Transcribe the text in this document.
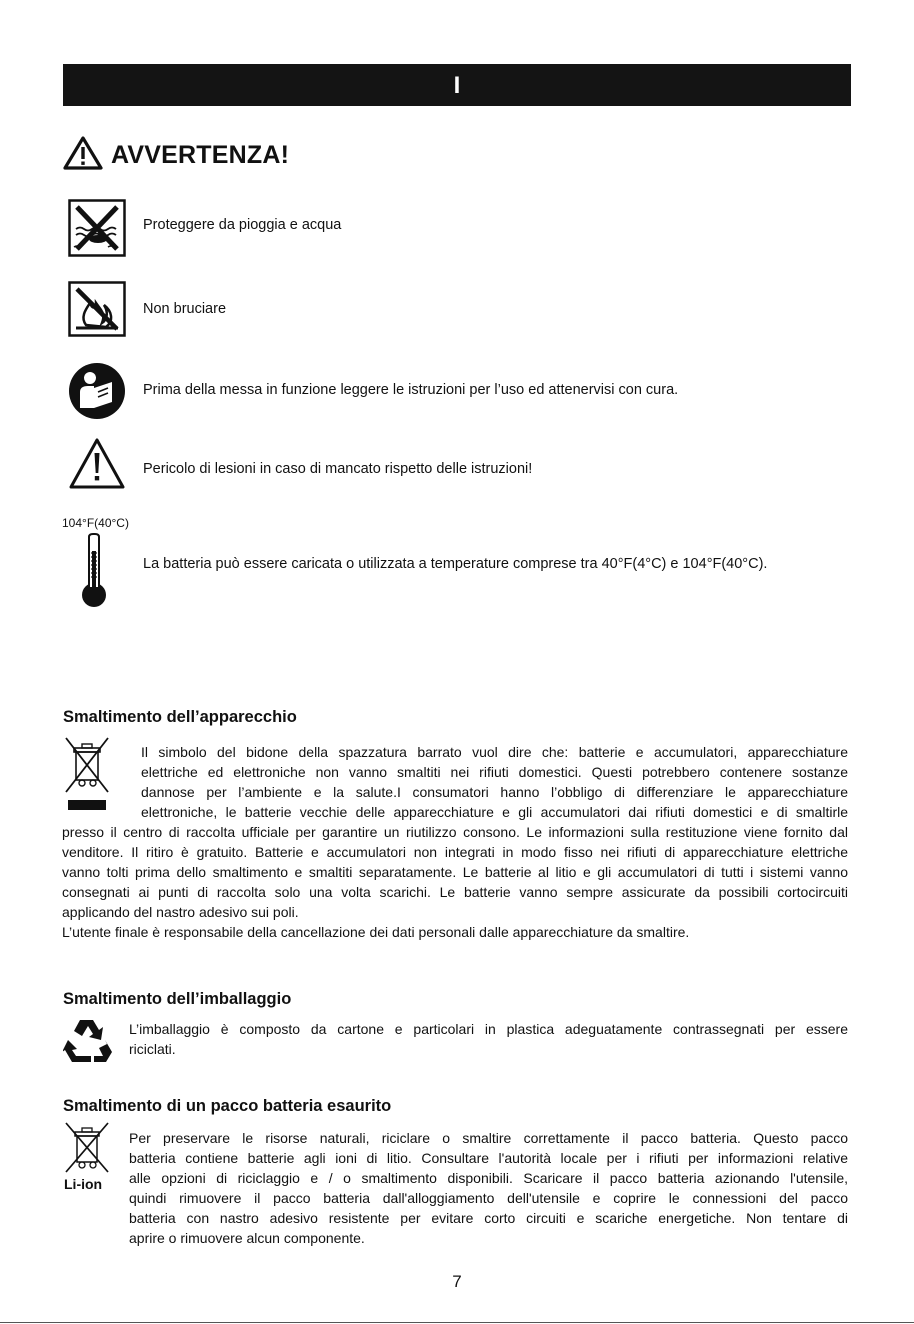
I
AVVERTENZA!
Proteggere da pioggia e acqua
Non bruciare
Prima della messa in funzione leggere le istruzioni per l’uso ed attenervisi con cura.
Pericolo di lesioni in caso di mancato rispetto delle istruzioni!
104°F(40°C)
La batteria può essere caricata o utilizzata a temperature comprese tra 40°F(4°C) e 104°F(40°C).
Smaltimento dell’apparecchio
Il simbolo del bidone della spazzatura barrato vuol dire che: batterie e accumulatori, apparecchiature
elettriche ed elettroniche non vanno smaltiti nei rifiuti domestici. Questi potrebbero contenere sostanze
dannose per l’ambiente e la salute.I consumatori hanno l’obbligo di differenziare le apparecchiature
elettroniche, le batterie vecchie delle apparecchiature e gli accumulatori dai rifiuti domestici e di smaltirle
presso il centro di raccolta ufficiale per garantire un riutilizzo consono. Le informazioni sulla restituzione viene fornito dal
venditore. Il ritiro è gratuito. Batterie e accumulatori non integrati in modo fisso nei rifiuti di apparecchiature elettriche
vanno tolti prima dello smaltimento e smaltiti separatamente. Le batterie al litio e gli accumulatori di tutti i sistemi vanno
consegnati ai punti di raccolta solo una volta scarichi. Le batterie vanno sempre assicurate da possibili cortocircuiti
applicando del nastro adesivo sui poli.
L’utente finale è responsabile della cancellazione dei dati personali dalle apparecchiature da smaltire.
Smaltimento dell’imballaggio
L’imballaggio è composto da cartone e particolari in plastica adeguatamente contrassegnati per essere
riciclati.
Smaltimento di un pacco batteria esaurito
Li-ion
Per preservare le risorse naturali, riciclare o smaltire correttamente il pacco batteria. Questo pacco
batteria contiene batterie agli ioni di litio. Consultare l'autorità locale per i rifiuti per informazioni relative
alle opzioni di riciclaggio e / o smaltimento disponibili. Scaricare il pacco batteria azionando l'utensile,
quindi rimuovere il pacco batteria dall'alloggiamento dell'utensile e coprire le connessioni del pacco
batteria con nastro adesivo resistente per evitare corto circuiti e scariche energetiche. Non tentare di
aprire o rimuovere alcun componente.
7
